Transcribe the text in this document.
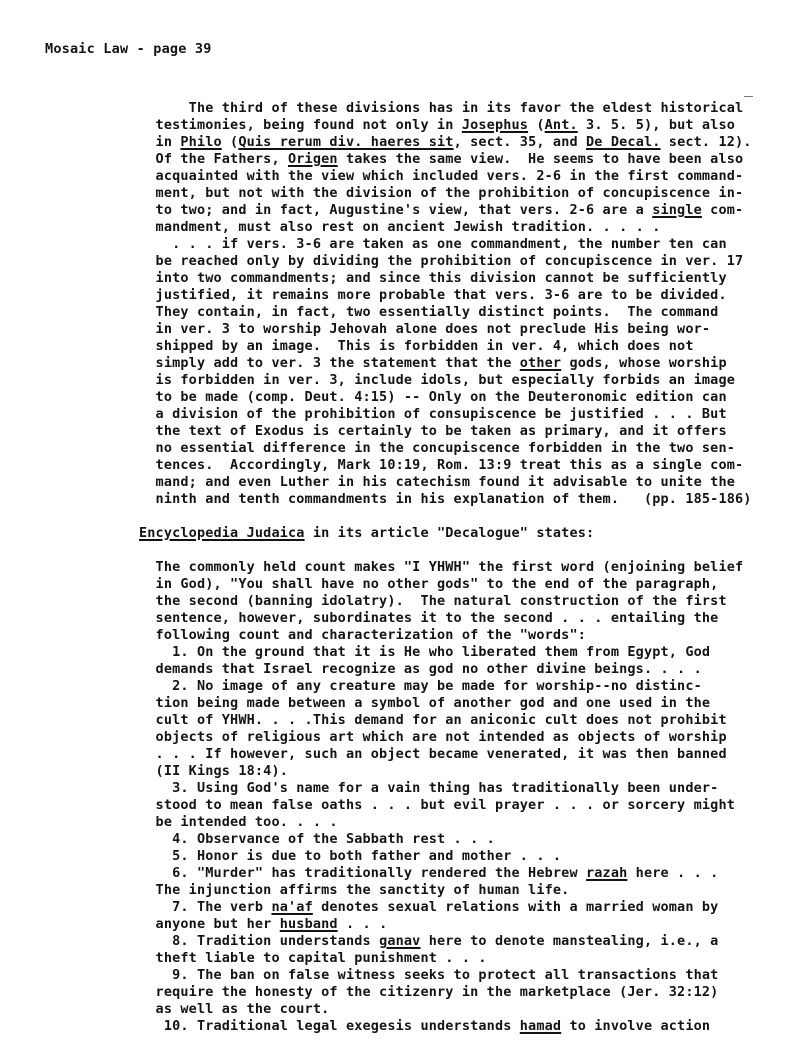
Mosaic Law - page 39
The third of these divisions has in its favor the eldest historical
testimonies, being found not only in Josephus (Ant. 3. 5. 5), but also
in Philo (Quis rerum div. haeres sit, sect. 35, and De Decal. sect. 12).
Of the Fathers, Origen takes the same view.  He seems to have been also
acquainted with the view which included vers. 2-6 in the first command-
ment, but not with the division of the prohibition of concupiscence in-
to two; and in fact, Augustine's view, that vers. 2-6 are a single com-
mandment, must also rest on ancient Jewish tradition. . . . .
. . . if vers. 3-6 are taken as one commandment, the number ten can
be reached only by dividing the prohibition of concupiscence in ver. 17
into two commandments; and since this division cannot be sufficiently
justified, it remains more probable that vers. 3-6 are to be divided.
They contain, in fact, two essentially distinct points.  The command
in ver. 3 to worship Jehovah alone does not preclude His being wor-
shipped by an image.  This is forbidden in ver. 4, which does not
simply add to ver. 3 the statement that the other gods, whose worship
is forbidden in ver. 3, include idols, but especially forbids an image
to be made (comp. Deut. 4:15) -- Only on the Deuteronomic edition can
a division of the prohibition of consupiscence be justified . . . But
the text of Exodus is certainly to be taken as primary, and it offers
no essential difference in the concupiscence forbidden in the two sen-
tences.  Accordingly, Mark 10:19, Rom. 13:9 treat this as a single com-
mand; and even Luther in his catechism found it advisable to unite the
ninth and tenth commandments in his explanation of them.   (pp. 185-186)
Encyclopedia Judaica in its article "Decalogue" states:
The commonly held count makes "I YHWH" the first word (enjoining belief
in God), "You shall have no other gods" to the end of the paragraph,
the second (banning idolatry).  The natural construction of the first
sentence, however, subordinates it to the second . . . entailing the
following count and characterization of the "words":
1. On the ground that it is He who liberated them from Egypt, God
demands that Israel recognize as god no other divine beings. . . .
2. No image of any creature may be made for worship--no distinc-
tion being made between a symbol of another god and one used in the
cult of YHWH. . . .This demand for an aniconic cult does not prohibit
objects of religious art which are not intended as objects of worship
. . . If however, such an object became venerated, it was then banned
(II Kings 18:4).
3. Using God's name for a vain thing has traditionally been under-
stood to mean false oaths . . . but evil prayer . . . or sorcery might
be intended too. . . .
4. Observance of the Sabbath rest . . .
5. Honor is due to both father and mother . . .
6. "Murder" has traditionally rendered the Hebrew razah here . . .
The injunction affirms the sanctity of human life.
7. The verb na'af denotes sexual relations with a married woman by
anyone but her husband . . .
8. Tradition understands ganav here to denote manstealing, i.e., a
theft liable to capital punishment . . .
9. The ban on false witness seeks to protect all transactions that
require the honesty of the citizenry in the marketplace (Jer. 32:12)
as well as the court.
10. Traditional legal exegesis understands hamad to involve action
